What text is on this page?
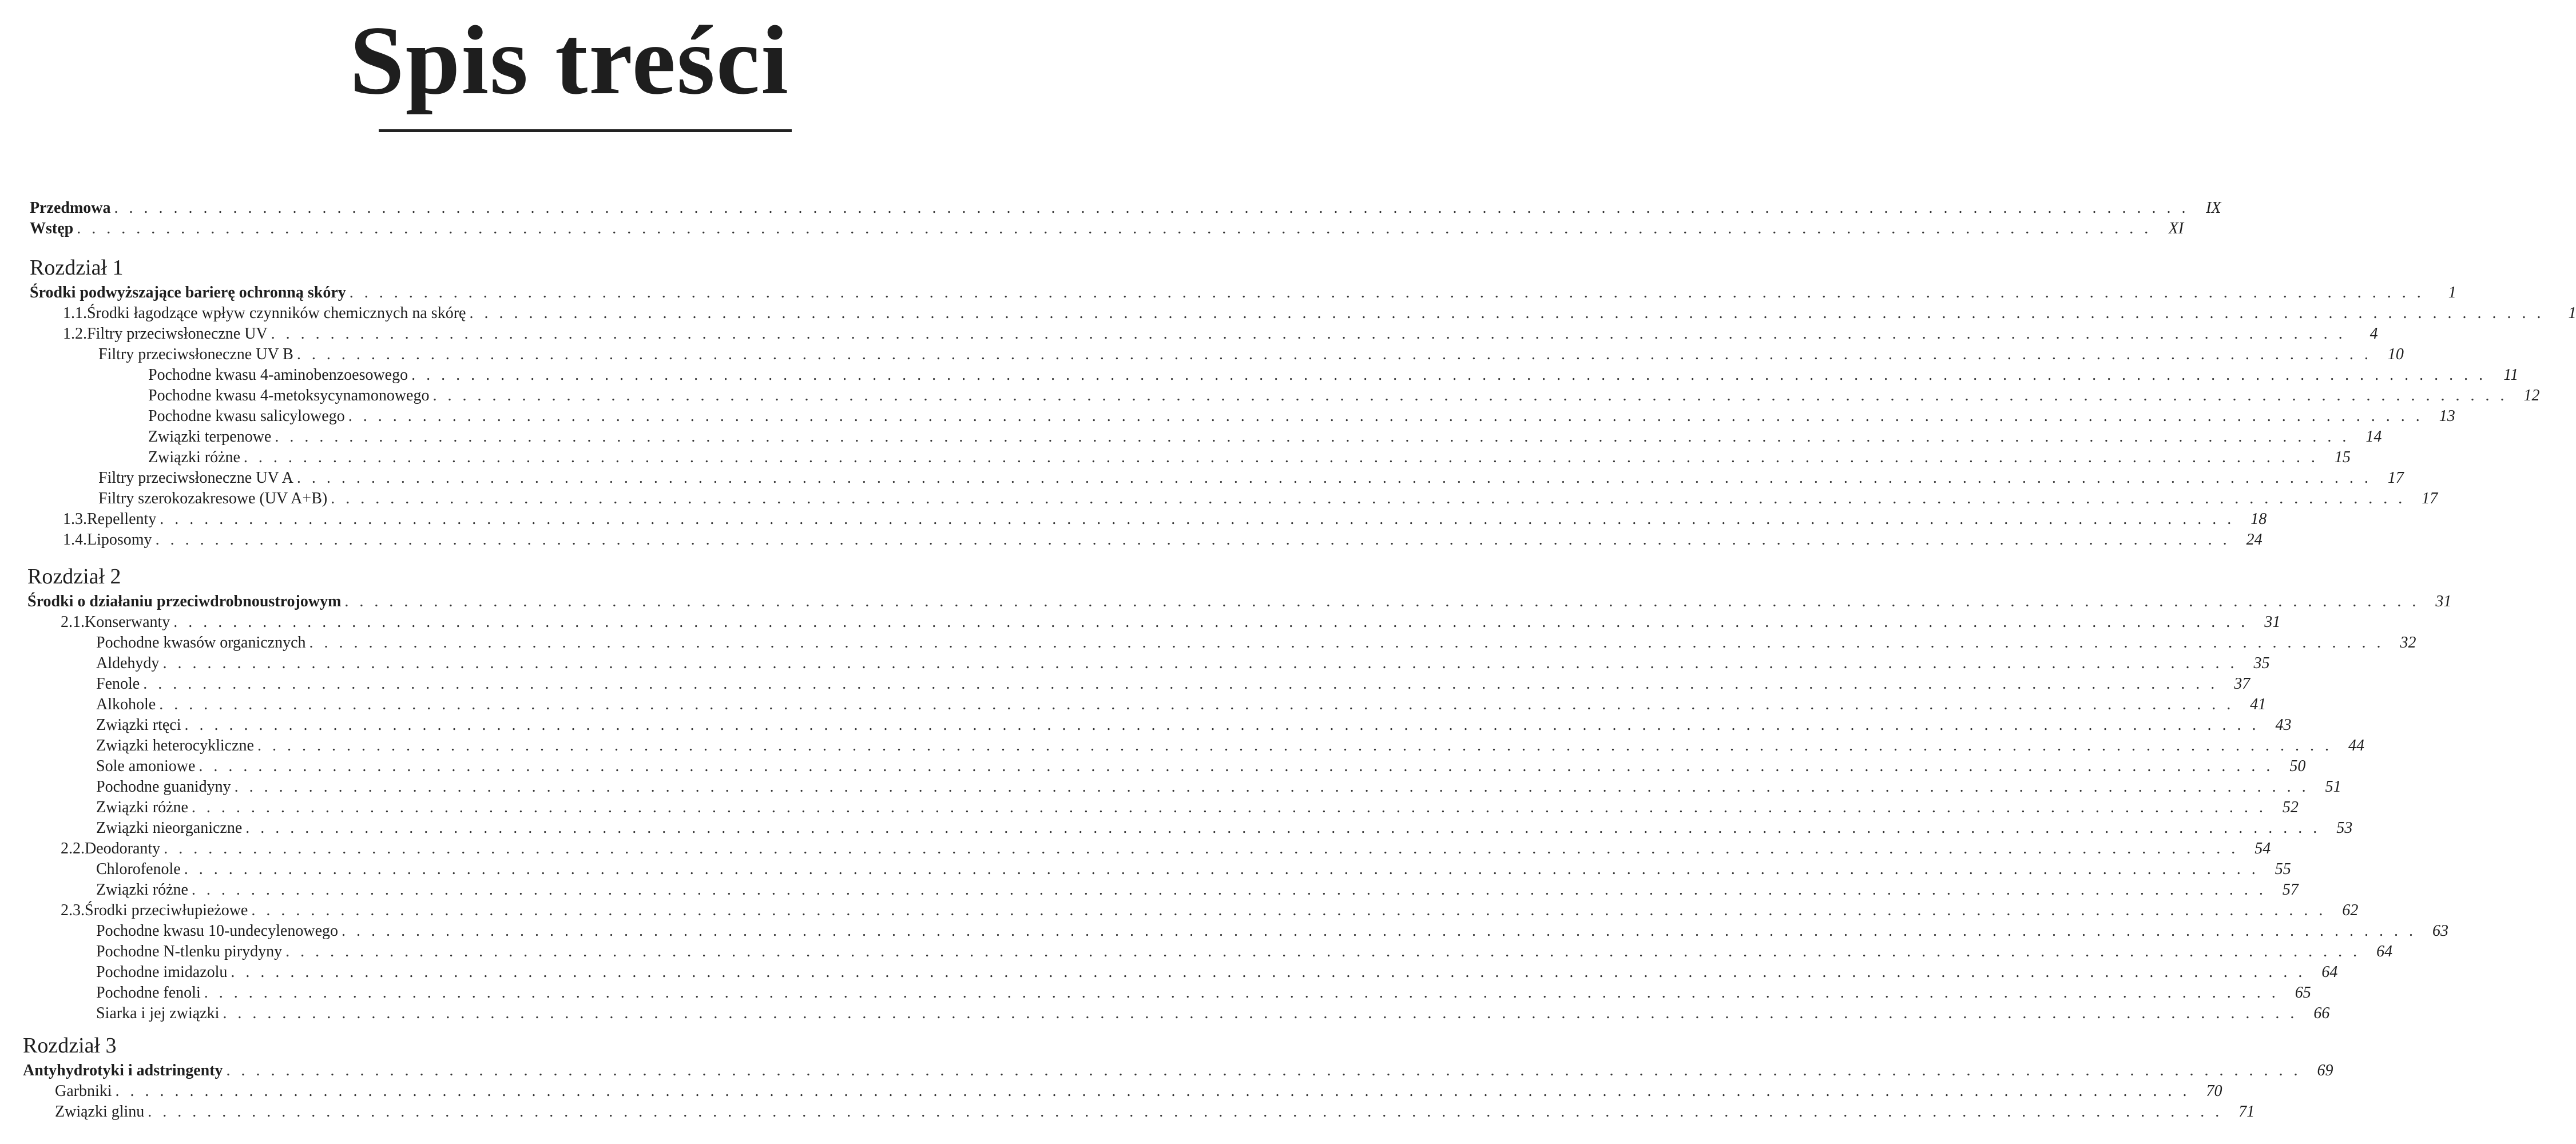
Spis treści
Przedmowa . . . . . . . . . . . . . . . . . . . . . . . . . . . . . . . . . . . . . . . . . . . . . . . . . . . . . . . . . . . . . . . . . . . . . . . . . . . . . . . . . . . . . . . . . . . . . . . . . . . . . . . . . . . . . . . . . . . . . . . . . . . . . . . . . . . . . . . . . . . .	IX
Wstęp . . . . . . . . . . . . . . . . . . . . . . . . . . . . . . . . . . . . . . . . . . . . . . . . . . . . . . . . . . . . . . . . . . . . . . . . . . . . . . . . . . . . . . . . . . . . . . . . . . . . . . . . . . . . . . . . . . . . . . . . . . . . . . . . . . . . . . . . . . . .	XI
Rozdział 1
Środki podwyższające barierę ochronną skóry . . . . . . . . . . . . . . . . . . . . . . . . . . . . . . . . . . . . . . . . . . . . . . . . . . . . . . . . . . . . . . . . . . . . . . . . . . . . . . . . . . . . . . . . . . . . . . . . . . . . . . . . . . . . . . . . . . . . . . . . . . . . . . . . . . . . . . . . . . . .	1
1.1. Środki łagodzące wpływ czynników chemicznych na skórę . . . . . . . . . . . . . . . . . . . . . . . . . . . . . . . . . . . . . . . . . . . . . . . . . . . . . . . . . . . . . . . . . . . . . . . . . . . . . . . . . . . . . . . . . . . . . . . . . . . . . . . . . . . . . . . . . . . . . . . . . . . . . . . . . . . . . . . . . . . .	1
1.2. Filtry przeciwsłoneczne UV . . . . . . . . . . . . . . . . . . . . . . . . . . . . . . . . . . . . . . . . . . . . . . . . . . . . . . . . . . . . . . . . . . . . . . . . . . . . . . . . . . . . . . . . . . . . . . . . . . . . . . . . . . . . . . . . . . . . . . . . . . . . . . . . . . . . . . . . . . . .	4
Filtry przeciwsłoneczne UV B . . . . . . . . . . . . . . . . . . . . . . . . . . . . . . . . . . . . . . . . . . . . . . . . . . . . . . . . . . . . . . . . . . . . . . . . . . . . . . . . . . . . . . . . . . . . . . . . . . . . . . . . . . . . . . . . . . . . . . . . . . . . . . . . . . . . . . . . . . . .	10
Pochodne kwasu 4-aminobenzoesowego . . . . . . . . . . . . . . . . . . . . . . . . . . . . . . . . . . . . . . . . . . . . . . . . . . . . . . . . . . . . . . . . . . . . . . . . . . . . . . . . . . . . . . . . . . . . . . . . . . . . . . . . . . . . . . . . . . . . . . . . . . . . . . . . . . . . . . . . . . . .	11
Pochodne kwasu 4-metoksycynamonowego . . . . . . . . . . . . . . . . . . . . . . . . . . . . . . . . . . . . . . . . . . . . . . . . . . . . . . . . . . . . . . . . . . . . . . . . . . . . . . . . . . . . . . . . . . . . . . . . . . . . . . . . . . . . . . . . . . . . . . . . . . . . . . . . . . . . . . . . . . . .	12
Pochodne kwasu salicylowego . . . . . . . . . . . . . . . . . . . . . . . . . . . . . . . . . . . . . . . . . . . . . . . . . . . . . . . . . . . . . . . . . . . . . . . . . . . . . . . . . . . . . . . . . . . . . . . . . . . . . . . . . . . . . . . . . . . . . . . . . . . . . . . . . . . . . . . . . . . .	13
Związki terpenowe . . . . . . . . . . . . . . . . . . . . . . . . . . . . . . . . . . . . . . . . . . . . . . . . . . . . . . . . . . . . . . . . . . . . . . . . . . . . . . . . . . . . . . . . . . . . . . . . . . . . . . . . . . . . . . . . . . . . . . . . . . . . . . . . . . . . . . . . . . . .	14
Związki różne . . . . . . . . . . . . . . . . . . . . . . . . . . . . . . . . . . . . . . . . . . . . . . . . . . . . . . . . . . . . . . . . . . . . . . . . . . . . . . . . . . . . . . . . . . . . . . . . . . . . . . . . . . . . . . . . . . . . . . . . . . . . . . . . . . . . . . . . . . . .	15
Filtry przeciwsłoneczne UV A . . . . . . . . . . . . . . . . . . . . . . . . . . . . . . . . . . . . . . . . . . . . . . . . . . . . . . . . . . . . . . . . . . . . . . . . . . . . . . . . . . . . . . . . . . . . . . . . . . . . . . . . . . . . . . . . . . . . . . . . . . . . . . . . . . . . . . . . . . . .	17
Filtry szerokozakresowe (UV A+B) . . . . . . . . . . . . . . . . . . . . . . . . . . . . . . . . . . . . . . . . . . . . . . . . . . . . . . . . . . . . . . . . . . . . . . . . . . . . . . . . . . . . . . . . . . . . . . . . . . . . . . . . . . . . . . . . . . . . . . . . . . . . . . . . . . . . . . . . . . . .	17
1.3. Repellenty . . . . . . . . . . . . . . . . . . . . . . . . . . . . . . . . . . . . . . . . . . . . . . . . . . . . . . . . . . . . . . . . . . . . . . . . . . . . . . . . . . . . . . . . . . . . . . . . . . . . . . . . . . . . . . . . . . . . . . . . . . . . . . . . . . . . . . . . . . . .	18
1.4. Liposomy . . . . . . . . . . . . . . . . . . . . . . . . . . . . . . . . . . . . . . . . . . . . . . . . . . . . . . . . . . . . . . . . . . . . . . . . . . . . . . . . . . . . . . . . . . . . . . . . . . . . . . . . . . . . . . . . . . . . . . . . . . . . . . . . . . . . . . . . . . . .	24
Rozdział 2
Środki o działaniu przeciwdrobnoustrojowym . . . . . . . . . . . . . . . . . . . . . . . . . . . . . . . . . . . . . . . . . . . . . . . . . . . . . . . . . . . . . . . . . . . . . . . . . . . . . . . . . . . . . . . . . . . . . . . . . . . . . . . . . . . . . . . . . . . . . . . . . . . . . . . . . . . . . . . . . . . .	31
2.1. Konserwanty . . . . . . . . . . . . . . . . . . . . . . . . . . . . . . . . . . . . . . . . . . . . . . . . . . . . . . . . . . . . . . . . . . . . . . . . . . . . . . . . . . . . . . . . . . . . . . . . . . . . . . . . . . . . . . . . . . . . . . . . . . . . . . . . . . . . . . . . . . . .	31
Pochodne kwasów organicznych . . . . . . . . . . . . . . . . . . . . . . . . . . . . . . . . . . . . . . . . . . . . . . . . . . . . . . . . . . . . . . . . . . . . . . . . . . . . . . . . . . . . . . . . . . . . . . . . . . . . . . . . . . . . . . . . . . . . . . . . . . . . . . . . . . . . . . . . . . . .	32
Aldehydy . . . . . . . . . . . . . . . . . . . . . . . . . . . . . . . . . . . . . . . . . . . . . . . . . . . . . . . . . . . . . . . . . . . . . . . . . . . . . . . . . . . . . . . . . . . . . . . . . . . . . . . . . . . . . . . . . . . . . . . . . . . . . . . . . . . . . . . . . . . .	35
Fenole . . . . . . . . . . . . . . . . . . . . . . . . . . . . . . . . . . . . . . . . . . . . . . . . . . . . . . . . . . . . . . . . . . . . . . . . . . . . . . . . . . . . . . . . . . . . . . . . . . . . . . . . . . . . . . . . . . . . . . . . . . . . . . . . . . . . . . . . . . . .	37
Alkohole . . . . . . . . . . . . . . . . . . . . . . . . . . . . . . . . . . . . . . . . . . . . . . . . . . . . . . . . . . . . . . . . . . . . . . . . . . . . . . . . . . . . . . . . . . . . . . . . . . . . . . . . . . . . . . . . . . . . . . . . . . . . . . . . . . . . . . . . . . . .	41
Związki rtęci . . . . . . . . . . . . . . . . . . . . . . . . . . . . . . . . . . . . . . . . . . . . . . . . . . . . . . . . . . . . . . . . . . . . . . . . . . . . . . . . . . . . . . . . . . . . . . . . . . . . . . . . . . . . . . . . . . . . . . . . . . . . . . . . . . . . . . . . . . . .	43
Związki heterocykliczne . . . . . . . . . . . . . . . . . . . . . . . . . . . . . . . . . . . . . . . . . . . . . . . . . . . . . . . . . . . . . . . . . . . . . . . . . . . . . . . . . . . . . . . . . . . . . . . . . . . . . . . . . . . . . . . . . . . . . . . . . . . . . . . . . . . . . . . . . . . .	44
Sole amoniowe . . . . . . . . . . . . . . . . . . . . . . . . . . . . . . . . . . . . . . . . . . . . . . . . . . . . . . . . . . . . . . . . . . . . . . . . . . . . . . . . . . . . . . . . . . . . . . . . . . . . . . . . . . . . . . . . . . . . . . . . . . . . . . . . . . . . . . . . . . . .	50
Pochodne guanidyny . . . . . . . . . . . . . . . . . . . . . . . . . . . . . . . . . . . . . . . . . . . . . . . . . . . . . . . . . . . . . . . . . . . . . . . . . . . . . . . . . . . . . . . . . . . . . . . . . . . . . . . . . . . . . . . . . . . . . . . . . . . . . . . . . . . . . . . . . . . .	51
Związki różne . . . . . . . . . . . . . . . . . . . . . . . . . . . . . . . . . . . . . . . . . . . . . . . . . . . . . . . . . . . . . . . . . . . . . . . . . . . . . . . . . . . . . . . . . . . . . . . . . . . . . . . . . . . . . . . . . . . . . . . . . . . . . . . . . . . . . . . . . . . .	52
Związki nieorganiczne . . . . . . . . . . . . . . . . . . . . . . . . . . . . . . . . . . . . . . . . . . . . . . . . . . . . . . . . . . . . . . . . . . . . . . . . . . . . . . . . . . . . . . . . . . . . . . . . . . . . . . . . . . . . . . . . . . . . . . . . . . . . . . . . . . . . . . . . . . . .	53
2.2. Deodoranty . . . . . . . . . . . . . . . . . . . . . . . . . . . . . . . . . . . . . . . . . . . . . . . . . . . . . . . . . . . . . . . . . . . . . . . . . . . . . . . . . . . . . . . . . . . . . . . . . . . . . . . . . . . . . . . . . . . . . . . . . . . . . . . . . . . . . . . . . . . .	54
Chlorofenole . . . . . . . . . . . . . . . . . . . . . . . . . . . . . . . . . . . . . . . . . . . . . . . . . . . . . . . . . . . . . . . . . . . . . . . . . . . . . . . . . . . . . . . . . . . . . . . . . . . . . . . . . . . . . . . . . . . . . . . . . . . . . . . . . . . . . . . . . . . .	55
Związki różne . . . . . . . . . . . . . . . . . . . . . . . . . . . . . . . . . . . . . . . . . . . . . . . . . . . . . . . . . . . . . . . . . . . . . . . . . . . . . . . . . . . . . . . . . . . . . . . . . . . . . . . . . . . . . . . . . . . . . . . . . . . . . . . . . . . . . . . . . . . .	57
2.3. Środki przeciwłupieżowe . . . . . . . . . . . . . . . . . . . . . . . . . . . . . . . . . . . . . . . . . . . . . . . . . . . . . . . . . . . . . . . . . . . . . . . . . . . . . . . . . . . . . . . . . . . . . . . . . . . . . . . . . . . . . . . . . . . . . . . . . . . . . . . . . . . . . . . . . . . .	62
Pochodne kwasu 10-undecylenowego . . . . . . . . . . . . . . . . . . . . . . . . . . . . . . . . . . . . . . . . . . . . . . . . . . . . . . . . . . . . . . . . . . . . . . . . . . . . . . . . . . . . . . . . . . . . . . . . . . . . . . . . . . . . . . . . . . . . . . . . . . . . . . . . . . . . . . . . . . . .	63
Pochodne N-tlenku pirydyny . . . . . . . . . . . . . . . . . . . . . . . . . . . . . . . . . . . . . . . . . . . . . . . . . . . . . . . . . . . . . . . . . . . . . . . . . . . . . . . . . . . . . . . . . . . . . . . . . . . . . . . . . . . . . . . . . . . . . . . . . . . . . . . . . . . . . . . . . . . .	64
Pochodne imidazolu . . . . . . . . . . . . . . . . . . . . . . . . . . . . . . . . . . . . . . . . . . . . . . . . . . . . . . . . . . . . . . . . . . . . . . . . . . . . . . . . . . . . . . . . . . . . . . . . . . . . . . . . . . . . . . . . . . . . . . . . . . . . . . . . . . . . . . . . . . . .	64
Pochodne fenoli . . . . . . . . . . . . . . . . . . . . . . . . . . . . . . . . . . . . . . . . . . . . . . . . . . . . . . . . . . . . . . . . . . . . . . . . . . . . . . . . . . . . . . . . . . . . . . . . . . . . . . . . . . . . . . . . . . . . . . . . . . . . . . . . . . . . . . . . . . . .	65
Siarka i jej związki . . . . . . . . . . . . . . . . . . . . . . . . . . . . . . . . . . . . . . . . . . . . . . . . . . . . . . . . . . . . . . . . . . . . . . . . . . . . . . . . . . . . . . . . . . . . . . . . . . . . . . . . . . . . . . . . . . . . . . . . . . . . . . . . . . . . . . . . . . . .	66
Rozdział 3
Antyhydrotyki i adstringenty . . . . . . . . . . . . . . . . . . . . . . . . . . . . . . . . . . . . . . . . . . . . . . . . . . . . . . . . . . . . . . . . . . . . . . . . . . . . . . . . . . . . . . . . . . . . . . . . . . . . . . . . . . . . . . . . . . . . . . . . . . . . . . . . . . . . . . . . . . . .	69
Garbniki . . . . . . . . . . . . . . . . . . . . . . . . . . . . . . . . . . . . . . . . . . . . . . . . . . . . . . . . . . . . . . . . . . . . . . . . . . . . . . . . . . . . . . . . . . . . . . . . . . . . . . . . . . . . . . . . . . . . . . . . . . . . . . . . . . . . . . . . . . . .	70
Związki glinu . . . . . . . . . . . . . . . . . . . . . . . . . . . . . . . . . . . . . . . . . . . . . . . . . . . . . . . . . . . . . . . . . . . . . . . . . . . . . . . . . . . . . . . . . . . . . . . . . . . . . . . . . . . . . . . . . . . . . . . . . . . . . . . . . . . . . . . . . . . .	71
